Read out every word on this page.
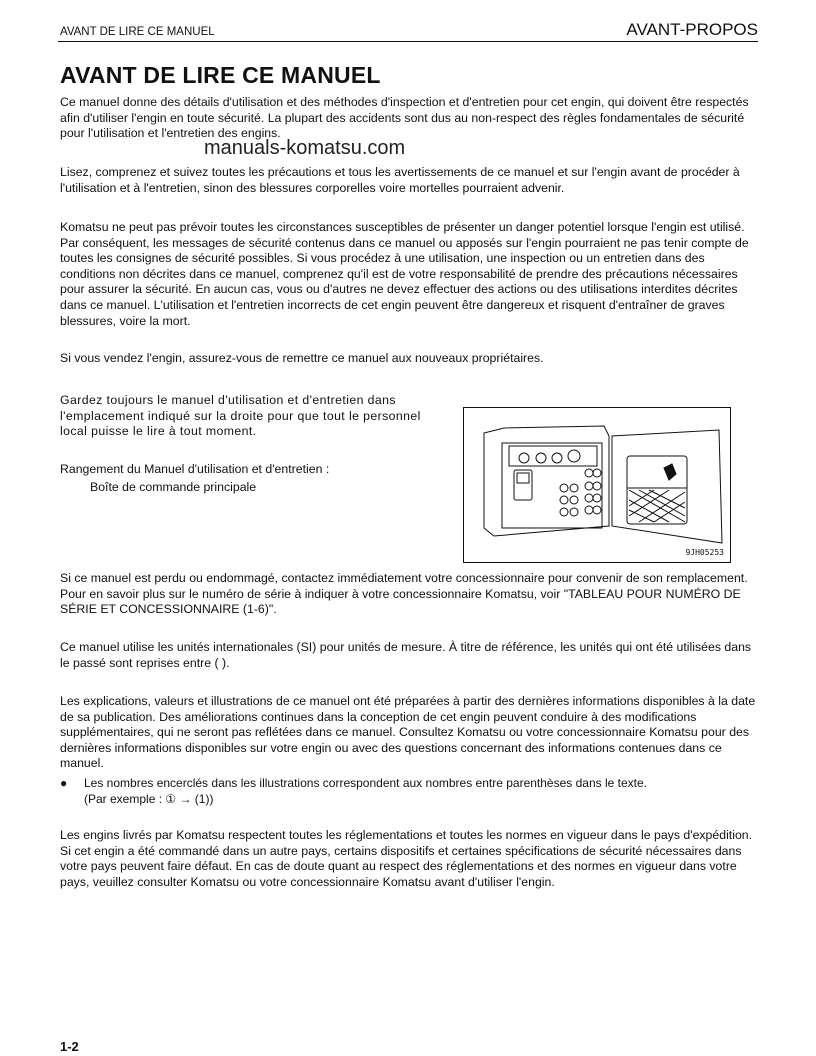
AVANT DE LIRE CE MANUEL	AVANT-PROPOS
AVANT DE LIRE CE MANUEL

Ce manuel donne des détails d'utilisation et des méthodes d'inspection et d'entretien pour cet engin, qui doivent être respectés afin d'utiliser l'engin en toute sécurité. La plupart des accidents sont dus au non-respect des règles fondamentales de sécurité pour l'utilisation et l'entretien des engins.

manuals-komatsu.com

Lisez, comprenez et suivez toutes les précautions et tous les avertissements de ce manuel et sur l'engin avant de procéder à l'utilisation et à l'entretien, sinon des blessures corporelles voire mortelles pourraient advenir.

Komatsu ne peut pas prévoir toutes les circonstances susceptibles de présenter un danger potentiel lorsque l'engin est utilisé. Par conséquent, les messages de sécurité contenus dans ce manuel ou apposés sur l'engin pourraient ne pas tenir compte de toutes les consignes de sécurité possibles. Si vous procédez à une utilisation, une inspection ou un entretien dans des conditions non décrites dans ce manuel, comprenez qu'il est de votre responsabilité de prendre des précautions nécessaires pour assurer la sécurité. En aucun cas, vous ou d'autres ne devez effectuer des actions ou des utilisations interdites décrites dans ce manuel. L'utilisation et l'entretien incorrects de cet engin peuvent être dangereux et risquent d'entraîner de graves blessures, voire la mort.

Si vous vendez l'engin, assurez-vous de remettre ce manuel aux nouveaux propriétaires.

Gardez toujours le manuel d'utilisation et d'entretien dans l'emplacement indiqué sur la droite pour que tout le personnel local puisse le lire à tout moment.

Rangement du Manuel d'utilisation et d'entretien :

Boîte de commande principale

9JH05253

Si ce manuel est perdu ou endommagé, contactez immédiatement votre concessionnaire pour convenir de son remplacement. Pour en savoir plus sur le numéro de série à indiquer à votre concessionnaire Komatsu, voir "TABLEAU POUR NUMÉRO DE SÉRIE ET CONCESSIONNAIRE (1-6)".

Ce manuel utilise les unités internationales (SI) pour unités de mesure. À titre de référence, les unités qui ont été utilisées dans le passé sont reprises entre ( ).

Les explications, valeurs et illustrations de ce manuel ont été préparées à partir des dernières informations disponibles à la date de sa publication. Des améliorations continues dans la conception de cet engin peuvent conduire à des modifications supplémentaires, qui ne seront pas reflétées dans ce manuel. Consultez Komatsu ou votre concessionnaire Komatsu pour des dernières informations disponibles sur votre engin ou avec des questions concernant des informations contenues dans ce manuel.

● Les nombres encerclés dans les illustrations correspondent aux nombres entre parenthèses dans le texte.
(Par exemple : ① → (1))

Les engins livrés par Komatsu respectent toutes les réglementations et toutes les normes en vigueur dans le pays d'expédition. Si cet engin a été commandé dans un autre pays, certains dispositifs et certaines spécifications de sécurité nécessaires dans votre pays peuvent faire défaut. En cas de doute quant au respect des réglementations et des normes en vigueur dans votre pays, veuillez consulter Komatsu ou votre concessionnaire Komatsu avant d'utiliser l'engin.

1-2
